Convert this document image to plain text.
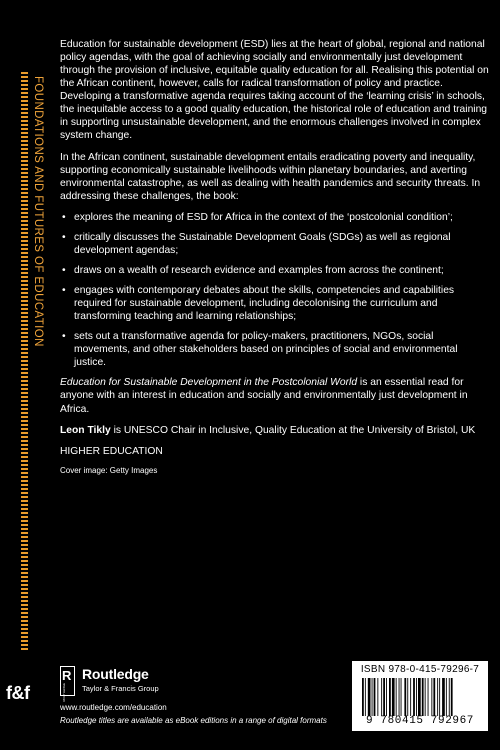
FOUNDATIONS AND FUTURES OF EDUCATION
f&f

Education for sustainable development (ESD) lies at the heart of global, regional and national policy agendas, with the goal of achieving socially and environmentally just development through the provision of inclusive, equitable quality education for all. Realising this potential on the African continent, however, calls for radical transformation of policy and practice. Developing a transformative agenda requires taking account of the ‘learning crisis’ in schools, the inequitable access to a good quality education, the historical role of education and training in supporting unsustainable development, and the enormous challenges involved in complex system change.

In the African continent, sustainable development entails eradicating poverty and inequality, supporting economically sustainable livelihoods within planetary boundaries, and averting environmental catastrophe, as well as dealing with health pandemics and security threats. In addressing these challenges, the book:

• explores the meaning of ESD for Africa in the context of the ‘postcolonial condition’;
• critically discusses the Sustainable Development Goals (SDGs) as well as regional development agendas;
• draws on a wealth of research evidence and examples from across the continent;
• engages with contemporary debates about the skills, competencies and capabilities required for sustainable development, including decolonising the curriculum and transforming teaching and learning relationships;
• sets out a transformative agenda for policy-makers, practitioners, NGOs, social movements, and other stakeholders based on principles of social and environmental justice.

Education for Sustainable Development in the Postcolonial World is an essential read for anyone with an interest in education and socially and environmentally just development in Africa.

Leon Tikly is UNESCO Chair in Inclusive, Quality Education at the University of Bristol, UK

HIGHER EDUCATION

Cover image: Getty Images

R
ROUTLEDGE
Routledge
Taylor & Francis Group
www.routledge.com/education
Routledge titles are available as eBook editions in a range of digital formats
ISBN 978-0-415-79296-7
9 780415 792967
